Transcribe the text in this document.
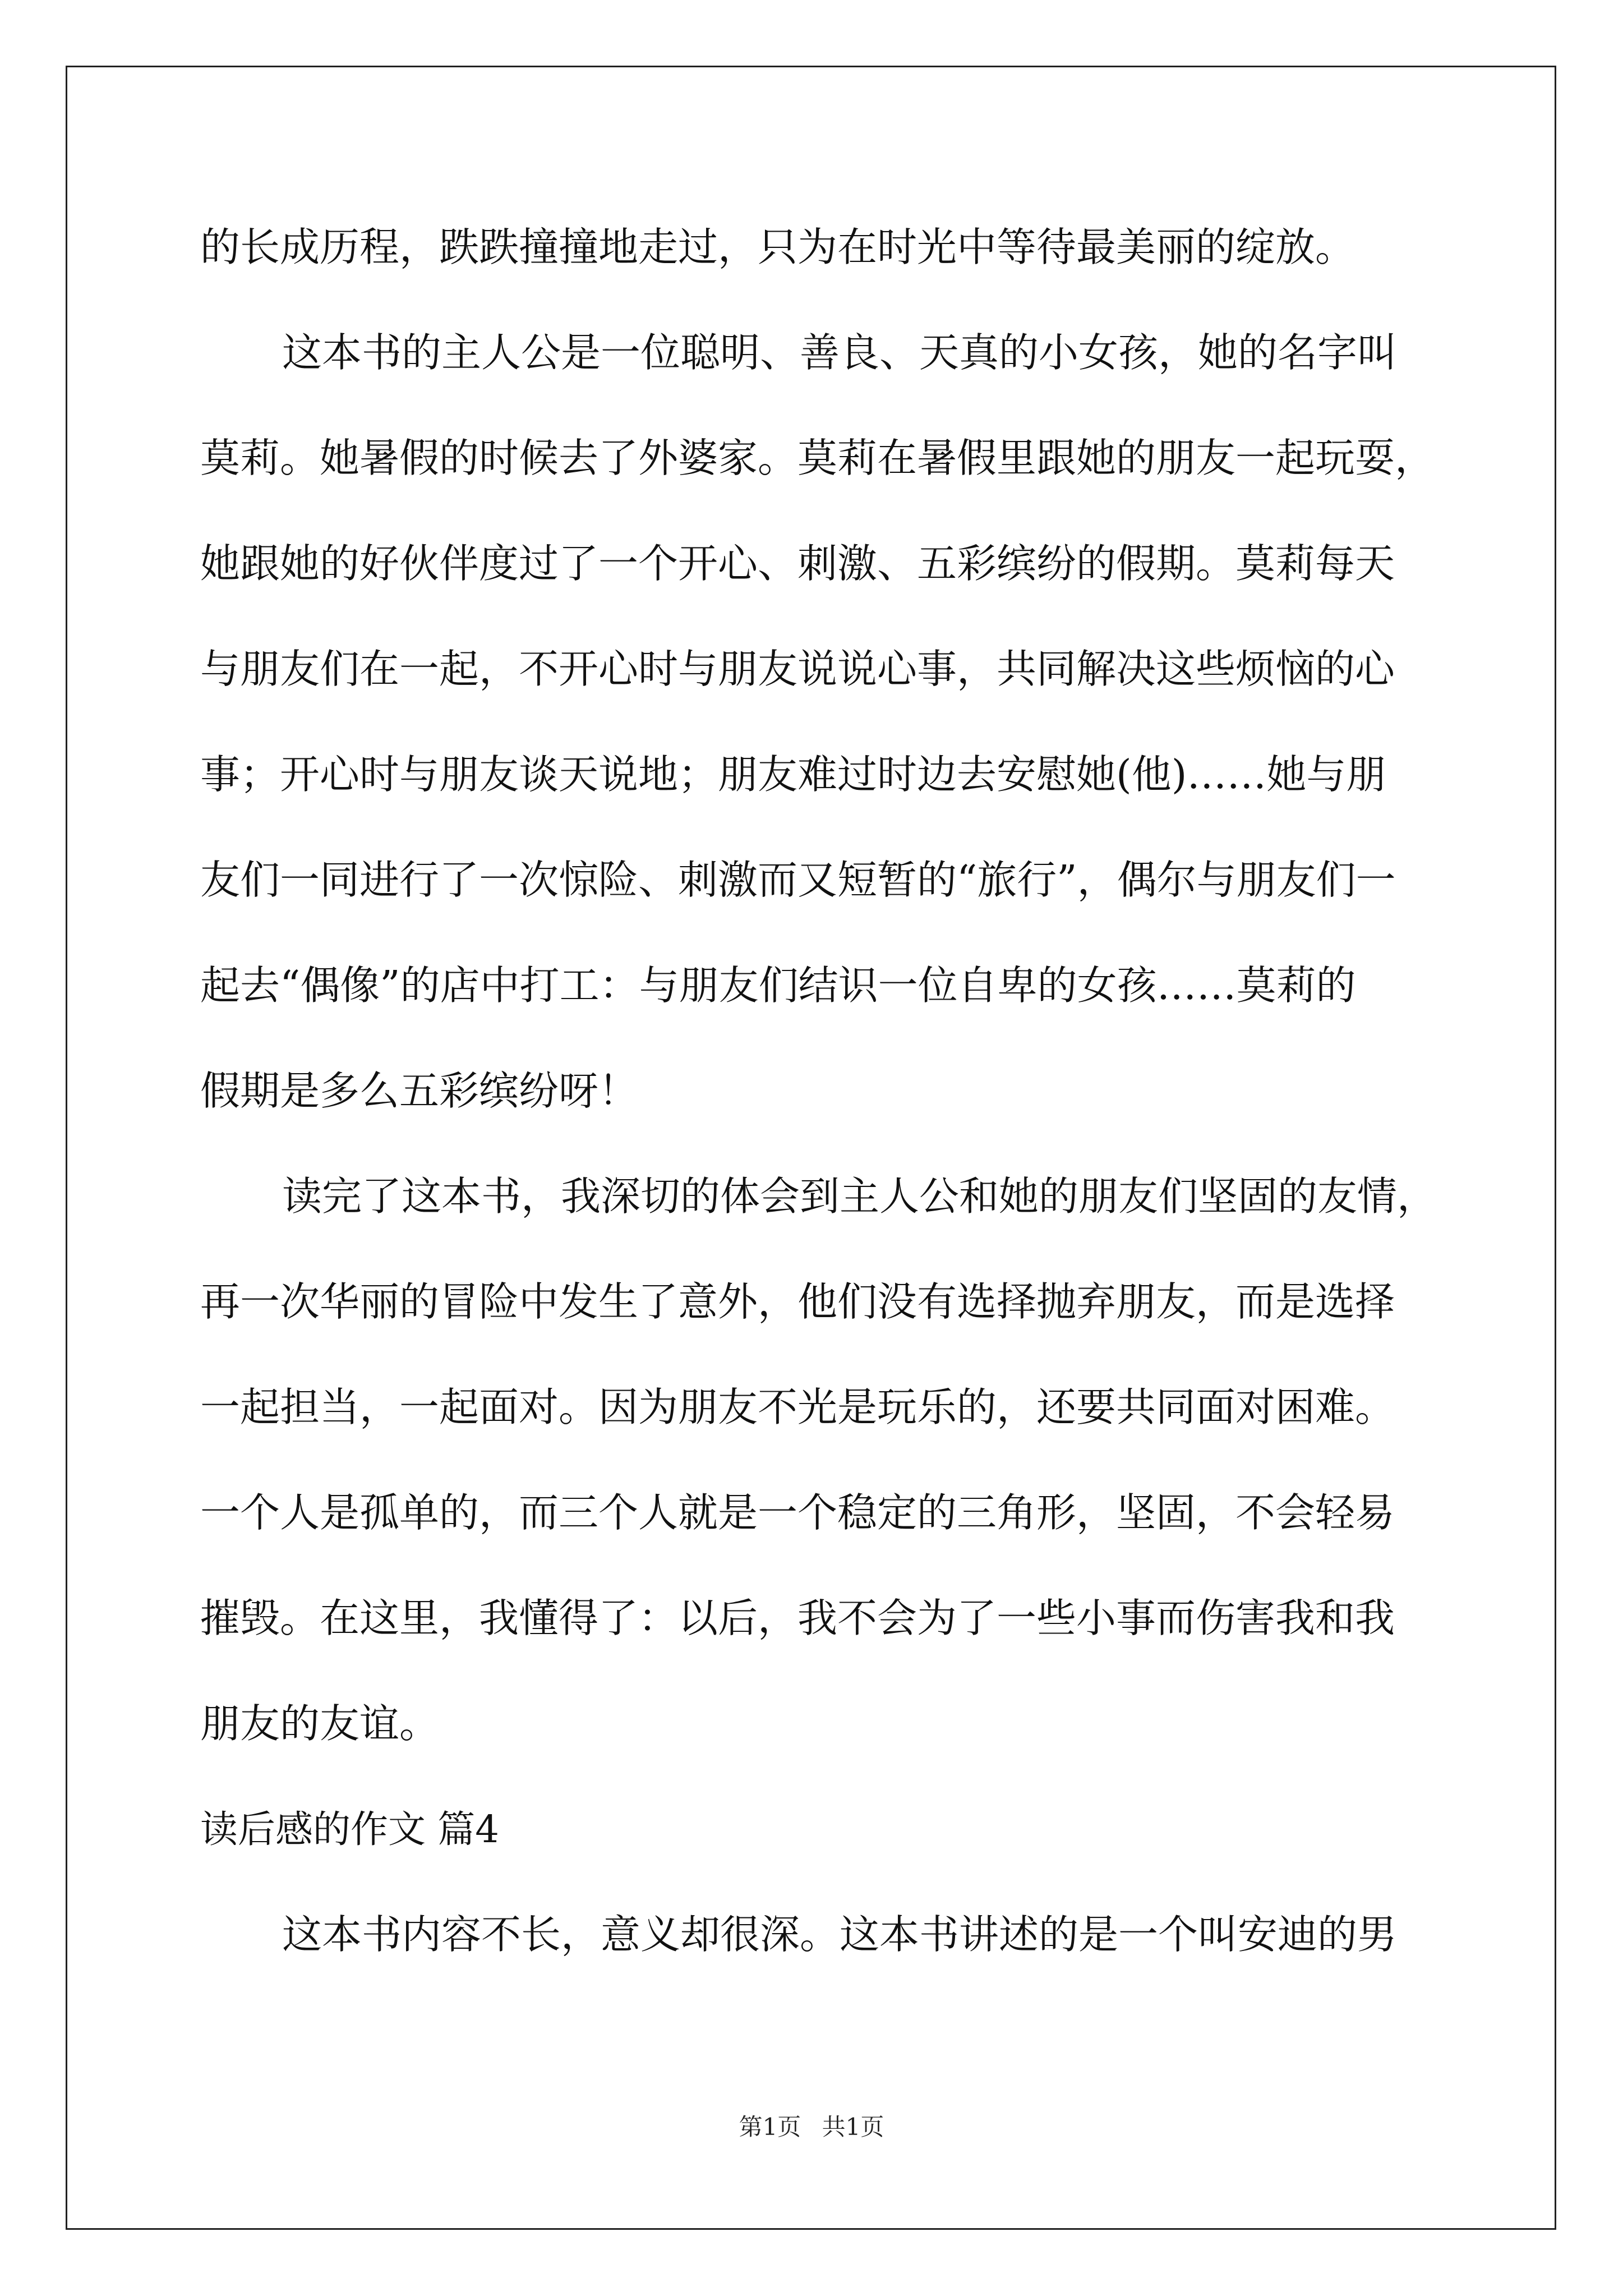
的长成历程，跌跌撞撞地走过，只为在时光中等待最美丽的绽放。
这本书的主人公是一位聪明、善良、天真的小女孩，她的名字叫
莫莉。她暑假的时候去了外婆家。莫莉在暑假里跟她的朋友一起玩耍，
她跟她的好伙伴度过了一个开心、刺激、五彩缤纷的假期。莫莉每天
与朋友们在一起，不开心时与朋友说说心事，共同解决这些烦恼的心
事；开心时与朋友谈天说地；朋友难过时边去安慰她(他)……她与朋
友们一同进行了一次惊险、刺激而又短暂的“旅行”，偶尔与朋友们一
起去“偶像”的店中打工：与朋友们结识一位自卑的女孩……莫莉的
假期是多么五彩缤纷呀！
读完了这本书，我深切的体会到主人公和她的朋友们坚固的友情，
再一次华丽的冒险中发生了意外，他们没有选择抛弃朋友，而是选择
一起担当，一起面对。因为朋友不光是玩乐的，还要共同面对困难。
一个人是孤单的，而三个人就是一个稳定的三角形，坚固，不会轻易
摧毁。在这里，我懂得了：以后，我不会为了一些小事而伤害我和我
朋友的友谊。
读后感的作文 篇4
这本书内容不长，意义却很深。这本书讲述的是一个叫安迪的男
第1页 共1页
